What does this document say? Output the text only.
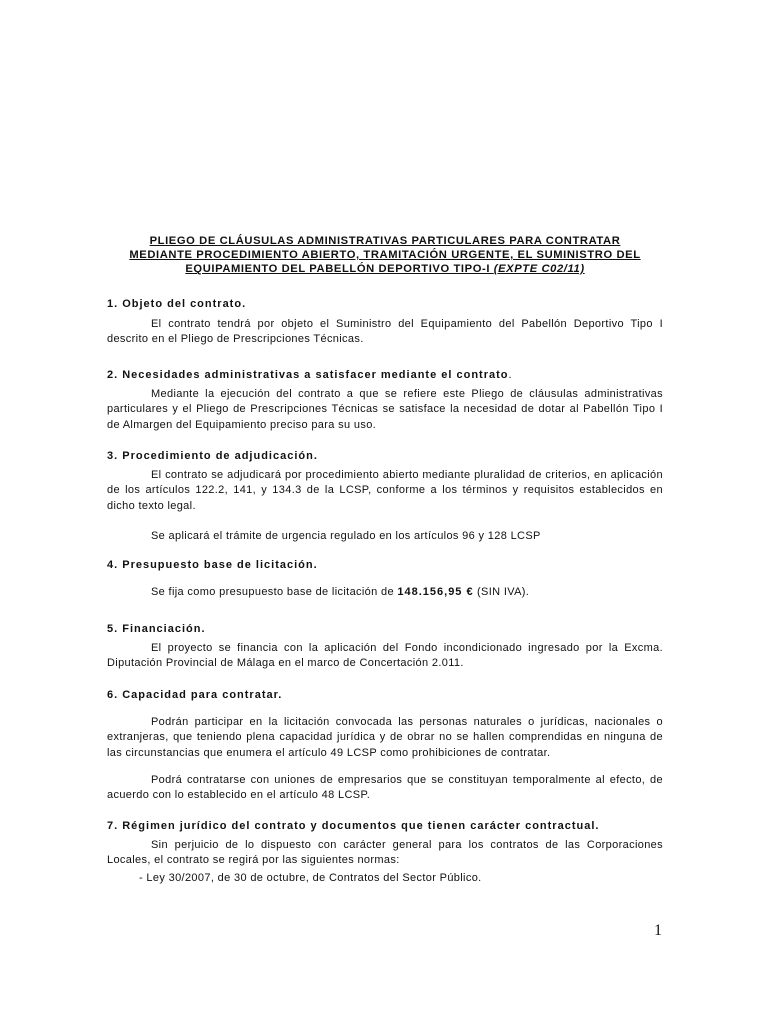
PLIEGO DE CLÁUSULAS ADMINISTRATIVAS PARTICULARES PARA CONTRATAR
MEDIANTE PROCEDIMIENTO ABIERTO, TRAMITACIÓN URGENTE, EL SUMINISTRO DEL
EQUIPAMIENTO DEL PABELLÓN DEPORTIVO TIPO-I (EXPTE C02/11)

1. Objeto del contrato.

El contrato tendrá por objeto el Suministro del Equipamiento del Pabellón Deportivo Tipo I descrito en el Pliego de Prescripciones Técnicas.

2. Necesidades administrativas a satisfacer mediante el contrato.

Mediante la ejecución del contrato a que se refiere este Pliego de cláusulas administrativas particulares y el Pliego de Prescripciones Técnicas se satisface la necesidad de dotar al Pabellón Tipo I de Almargen del Equipamiento preciso para su uso.

3. Procedimiento de adjudicación.

El contrato se adjudicará por procedimiento abierto mediante pluralidad de criterios, en aplicación de los artículos 122.2, 141, y 134.3 de la LCSP, conforme a los términos y requisitos establecidos en dicho texto legal.

Se aplicará el trámite de urgencia regulado en los artículos 96 y 128 LCSP

4. Presupuesto base de licitación.

Se fija como presupuesto base de licitación de 148.156,95 € (SIN IVA).

5. Financiación.

El proyecto se financia con la aplicación del Fondo incondicionado ingresado por la Excma. Diputación Provincial de Málaga en el marco de Concertación 2.011.

6. Capacidad para contratar.

Podrán participar en la licitación convocada las personas naturales o jurídicas, nacionales o extranjeras, que teniendo plena capacidad jurídica y de obrar no se hallen comprendidas en ninguna de las circunstancias que enumera el artículo 49 LCSP como prohibiciones de contratar.

Podrá contratarse con uniones de empresarios que se constituyan temporalmente al efecto, de acuerdo con lo establecido en el artículo 48 LCSP.

7. Régimen jurídico del contrato y documentos que tienen carácter contractual.

Sin perjuicio de lo dispuesto con carácter general para los contratos de las Corporaciones Locales, el contrato se regirá por las siguientes normas:

- Ley 30/2007, de 30 de octubre, de Contratos del Sector Público.

1
